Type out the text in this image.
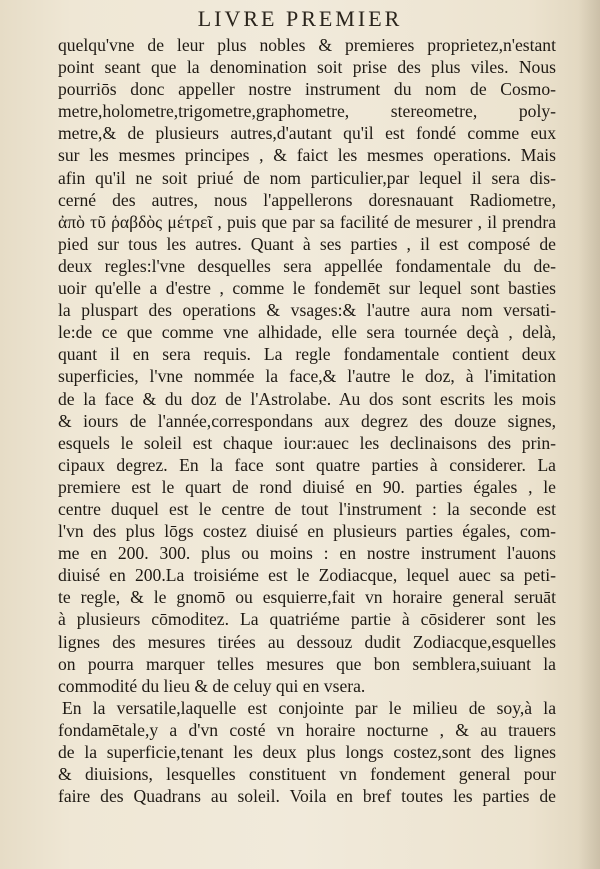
LIVRE PREMIER
quelqu'vne de leur plus nobles & premieres proprietez,n'estant
point seant que la denomination soit prise des plus viles. Nous
pourriōs donc appeller nostre instrument du nom de Cosmo-
metre,holometre,trigometre,graphometre, stereometre, poly-
metre,& de plusieurs autres,d'autant qu'il est fondé comme eux
sur les mesmes principes , & faict les mesmes operations. Mais
afin qu'il ne soit priué de nom particulier,par lequel il sera dis-
cerné des autres, nous l'appellerons doresnauant Radiometre,
ἀπὸ τῦ ῥαβδὸς μέτρεῖ , puis que par sa facilité de mesurer , il prendra
pied sur tous les autres. Quant à ses parties , il est composé de
deux regles:l'vne desquelles sera appellée fondamentale du de-
uoir qu'elle a d'estre , comme le fondemēt sur lequel sont basties
la pluspart des operations & vsages:& l'autre aura nom versati-
le:de ce que comme vne alhidade, elle sera tournée deçà , delà,
quant il en sera requis. La regle fondamentale contient deux
superficies, l'vne nommée la face,& l'autre le doz, à l'imitation
de la face & du doz de l'Astrolabe. Au dos sont escrits les mois
& iours de l'année,correspondans aux degrez des douze signes,
esquels le soleil est chaque iour:auec les declinaisons des prin-
cipaux degrez. En la face sont quatre parties à considerer. La
premiere est le quart de rond diuisé en 90. parties égales , le
centre duquel est le centre de tout l'instrument : la seconde est
l'vn des plus lōgs costez diuisé en plusieurs parties égales, com-
me en 200. 300. plus ou moins : en nostre instrument l'auons
diuisé en 200.La troisiéme est le Zodiacque, lequel auec sa peti-
te regle, & le gnomō ou esquierre,fait vn horaire general seruāt
à plusieurs cōmoditez. La quatriéme partie à cōsiderer sont les
lignes des mesures tirées au dessouz dudit Zodiacque,esquelles
on pourra marquer telles mesures que bon semblera,suiuant la
commodité du lieu & de celuy qui en vsera.
En la versatile,laquelle est conjointe par le milieu de soy,à la
fondamētale,y a d'vn costé vn horaire nocturne , & au trauers
de la superficie,tenant les deux plus longs costez,sont des lignes
& diuisions, lesquelles constituent vn fondement general pour
faire des Quadrans au soleil. Voila en bref toutes les parties de
